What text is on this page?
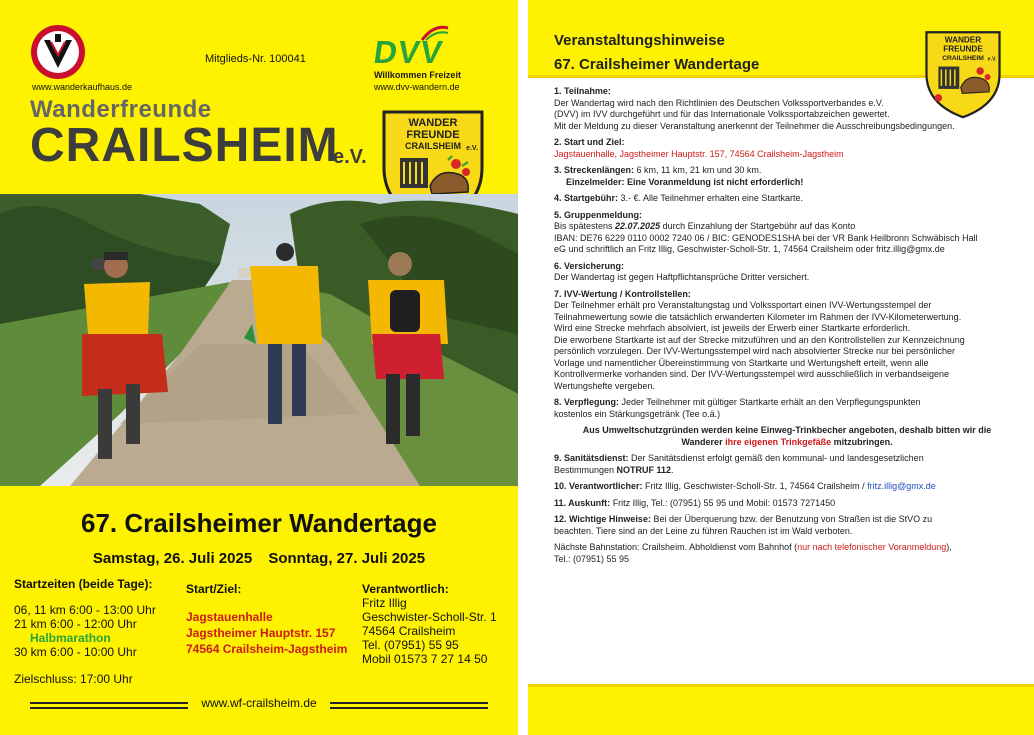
www.wanderkaufhaus.de
Mitglieds-Nr. 100041 DVV
Willkommen Freizeit
www.dvv-wandern.de
Wanderfreunde
CRAILSHEIM
e.V.
WANDER
FREUNDE
CRAILSHEIM e.V.
67. Crailsheimer Wandertage
Samstag, 26. Juli 2025 Sonntag, 27. Juli 2025
Startzeiten (beide Tage):
06, 11 km 6:00 - 13:00 Uhr
21 km 6:00 - 12:00 Uhr
Halbmarathon
30 km 6:00 - 10:00 Uhr
Zielschluss: 17:00 Uhr
Start/Ziel:
Jagstauenhalle
Jagstheimer Hauptstr. 157
74564 Crailsheim-Jagstheim
Verantwortlich:
Fritz Illig
Geschwister-Scholl-Str. 1
74564 Crailsheim
Tel. (07951) 55 95
Mobil 01573 7 27 14 50
www.wf-crailsheim.de
Veranstaltungshinweise
67. Crailsheimer Wandertage
WANDER
FREUNDE
CRAILSHEIM e.V.
1. Teilnahme:
Der Wandertag wird nach den Richtlinien des Deutschen Volkssportverbandes e.V.
(DVV) im IVV durchgeführt und für das Internationale Volkssportabzeichen gewertet.
Mit der Meldung zu dieser Veranstaltung anerkennt der Teilnehmer die Ausschreibungsbedingungen.
2. Start und Ziel:
Jagstauenhalle, Jagstheimer Hauptstr. 157, 74564 Crailsheim-Jagstheim
3. Streckenlängen: 6 km, 11 km, 21 km und 30 km.
Einzelmelder: Eine Voranmeldung ist nicht erforderlich!
4. Startgebühr: 3.- €. Alle Teilnehmer erhalten eine Startkarte.
5. Gruppenmeldung:
Bis spätestens 22.07.2025 durch Einzahlung der Startgebühr auf das Konto
IBAN: DE76 6229 0110 0002 7240 06 / BIC: GENODES1SHA bei der VR Bank Heilbronn Schwäbisch Hall
eG und schriftlich an Fritz Illig, Geschwister-Scholl-Str. 1, 74564 Crailsheim oder fritz.illig@gmx.de
6. Versicherung:
Der Wandertag ist gegen Haftpflichtansprüche Dritter versichert.
7. IVV-Wertung / Kontrollstellen:
Der Teilnehmer erhält pro Veranstaltungstag und Volkssportart einen IVV-Wertungsstempel der
Teilnahmewertung sowie die tatsächlich erwanderten Kilometer im Rahmen der IVV-Kilometerwertung.
Wird eine Strecke mehrfach absolviert, ist jeweils der Erwerb einer Startkarte erforderlich.
Die erworbene Startkarte ist auf der Strecke mitzuführen und an den Kontrollstellen zur Kennzeichnung
persönlich vorzulegen. Der IVV-Wertungsstempel wird nach absolvierter Strecke nur bei persönlicher
Vorlage und namentlicher Übereinstimmung von Startkarte und Wertungsheft erteilt, wenn alle
Kontrollvermerke vorhanden sind. Der IVV-Wertungsstempel wird ausschließlich in verbandseigene
Wertungshefte vergeben.
8. Verpflegung: Jeder Teilnehmer mit gültiger Startkarte erhält an den Verpflegungspunkten
kostenlos ein Stärkungsgetränk (Tee o.ä.)
Aus Umweltschutzgründen werden keine Einweg-Trinkbecher angeboten, deshalb bitten wir die
Wanderer ihre eigenen Trinkgefäße mitzubringen.
9. Sanitätsdienst: Der Sanitätsdienst erfolgt gemäß den kommunal- und landesgesetzlichen
Bestimmungen NOTRUF 112.
10. Verantwortlicher: Fritz Illig, Geschwister-Scholl-Str. 1, 74564 Crailsheim / fritz.illig@gmx.de
11. Auskunft: Fritz Illig, Tel.: (07951) 55 95 und Mobil: 01573 7271450
12. Wichtige Hinweise: Bei der Überquerung bzw. der Benutzung von Straßen ist die StVO zu
beachten. Tiere sind an der Leine zu führen Rauchen ist im Wald verboten.
Nächste Bahnstation: Crailsheim. Abholdienst vom Bahnhof (nur nach telefonischer Voranmeldung),
Tel.: (07951) 55 95
